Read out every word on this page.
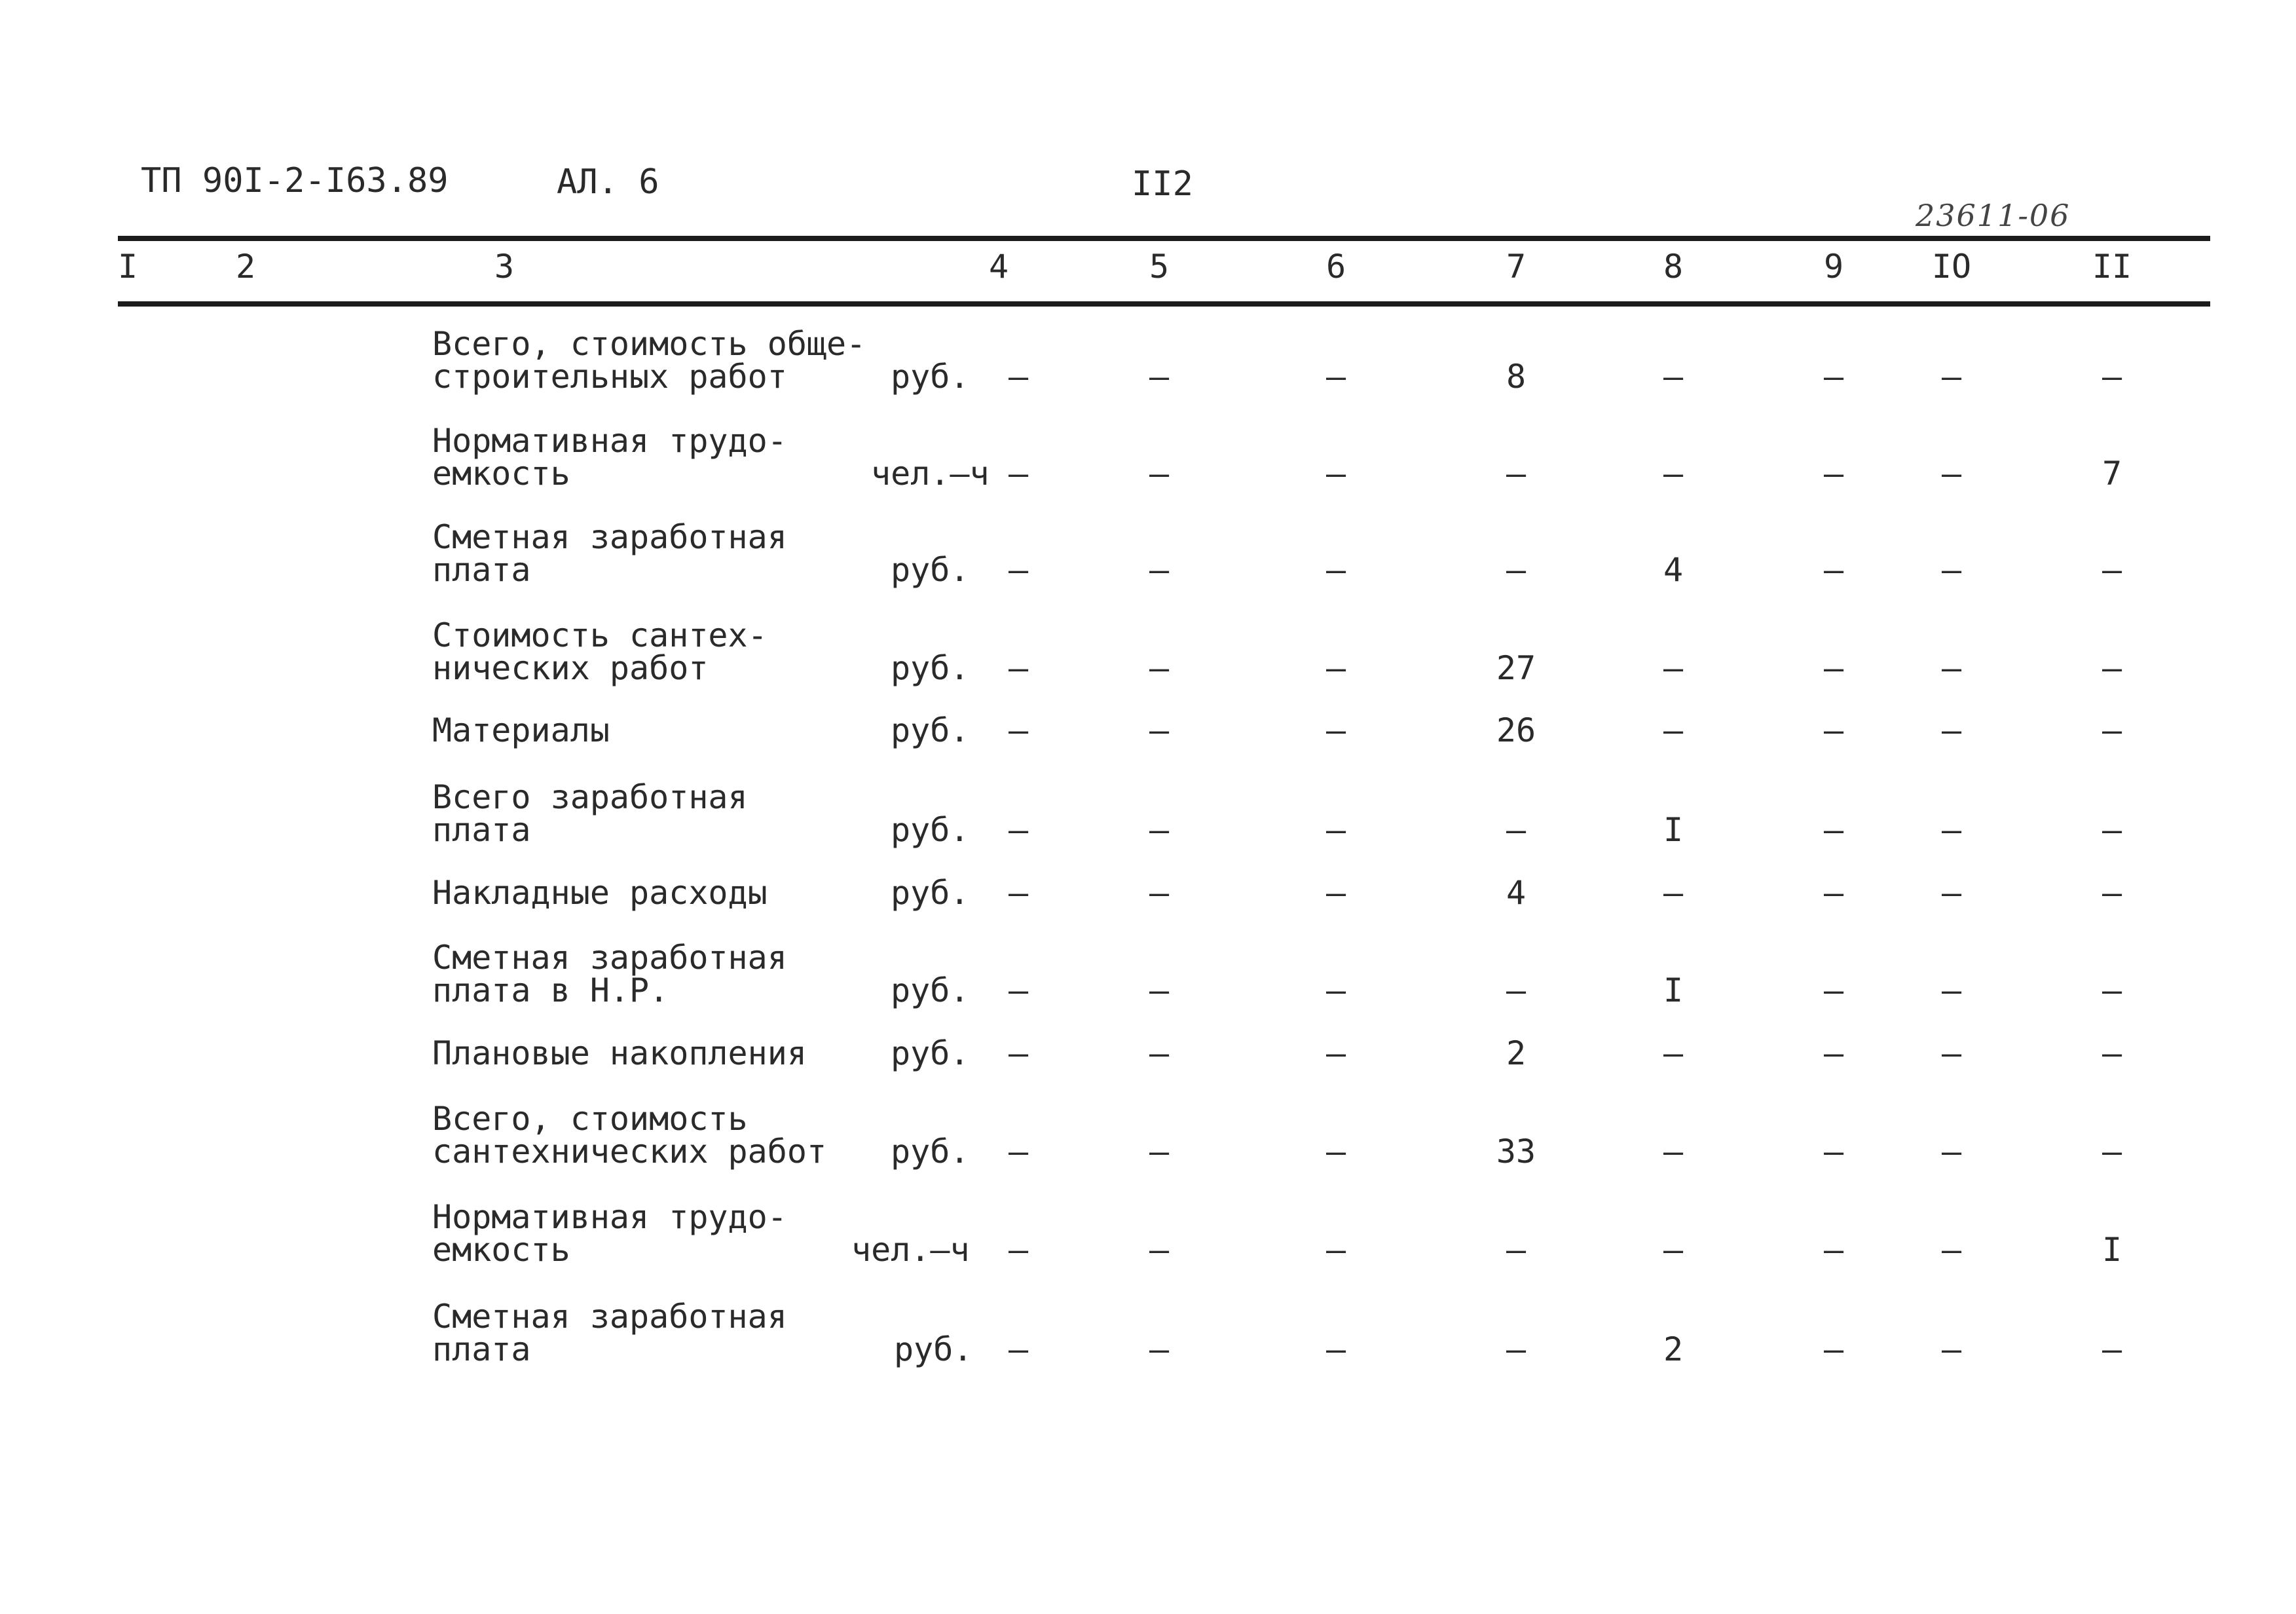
ТП 90I-2-I63.89	АЛ. 6	II2
23611-06
I	2	3	4	5	6	7	8	9	IO	II
Всего, стоимость обще-
строительных работ	руб. –	–	–	8	–	–	–	–
Нормативная трудо-
емкость	чел.–ч –	–	–	–	–	–	–	7
Сметная заработная
плата	руб. –	–	–	–	4	–	–	–
Стоимость сантех-
нических работ	руб. –	–	–	27	–	–	–	–
Материалы	руб. –	–	–	26	–	–	–	–
Всего заработная
плата	руб. –	–	–	–	I	–	–	–
Накладные расходы	руб. –	–	–	4	–	–	–	–
Сметная заработная
плата в Н.Р.	руб. –	–	–	–	I	–	–	–
Плановые накопления	руб. –	–	–	2	–	–	–	–
Всего, стоимость
сантехнических работ руб. –	–	–	33	–	–	–	–
Нормативная трудо-
емкость	чел.–ч –	–	–	–	–	–	–	I
Сметная заработная
плата	руб. –	–	–	–	2	–	–	–
